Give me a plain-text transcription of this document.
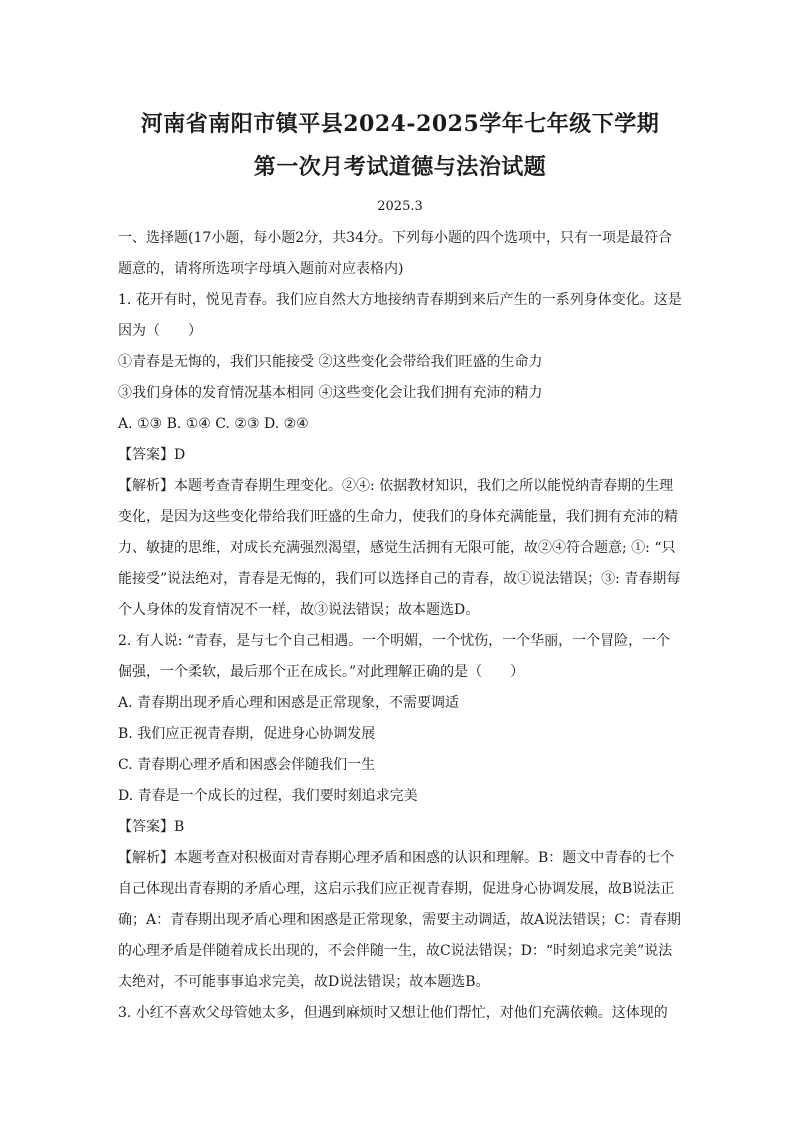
河南省南阳市镇平县2024-2025学年七年级下学期
第一次月考试道德与法治试题
2025.3

一、选择题(17小题，每小题2分，共34分。下列每小题的四个选项中，只有一项是最符合题意的，请将所选项字母填入题前对应表格内)

1. 花开有时，悦见青春。我们应自然大方地接纳青春期到来后产生的一系列身体变化。这是因为（　　）

①青春是无悔的，我们只能接受 ②这些变化会带给我们旺盛的生命力

③我们身体的发育情况基本相同 ④这些变化会让我们拥有充沛的精力

A. ①③ B. ①④ C. ②③ D. ②④

【答案】D

【解析】本题考查青春期生理变化。②④: 依据教材知识，我们之所以能悦纳青春期的生理变化，是因为这些变化带给我们旺盛的生命力，使我们的身体充满能量，我们拥有充沛的精力、敏捷的思维，对成长充满强烈渴望，感觉生活拥有无限可能，故②④符合题意; ①: “只能接受”说法绝对，青春是无悔的，我们可以选择自己的青春，故①说法错误；③: 青春期每个人身体的发育情况不一样，故③说法错误；故本题选D。

2. 有人说: “青春，是与七个自己相遇。一个明媚，一个忧伤，一个华丽，一个冒险，一个倔强，一个柔软，最后那个正在成长。”对此理解正确的是（　　）

A. 青春期出现矛盾心理和困惑是正常现象，不需要调适

B. 我们应正视青春期，促进身心协调发展

C. 青春期心理矛盾和困惑会伴随我们一生

D. 青春是一个成长的过程，我们要时刻追求完美

【答案】B

【解析】本题考查对积极面对青春期心理矛盾和困惑的认识和理解。B：题文中青春的七个自己体现出青春期的矛盾心理，这启示我们应正视青春期，促进身心协调发展，故B说法正确；A：青春期出现矛盾心理和困惑是正常现象，需要主动调适，故A说法错误；C：青春期的心理矛盾是伴随着成长出现的，不会伴随一生，故C说法错误；D：“时刻追求完美”说法太绝对，不可能事事追求完美，故D说法错误；故本题选B。

3. 小红不喜欢父母管她太多，但遇到麻烦时又想让他们帮忙，对他们充满依赖。这体现的
